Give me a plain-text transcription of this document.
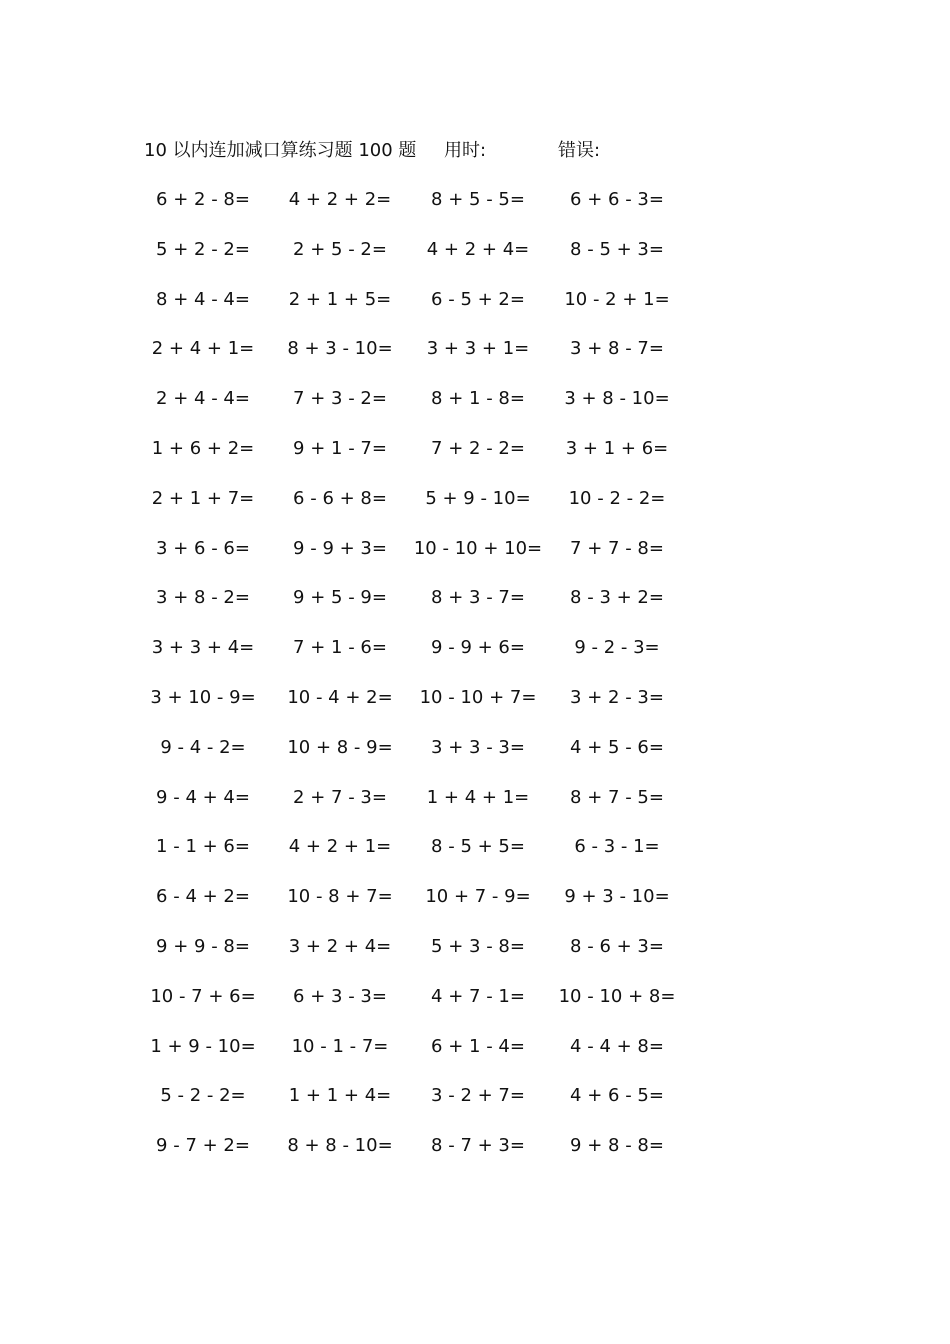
10 以内连加减口算练习题 100 题 用时:	错误:
6 + 2 - 8=	4 + 2 + 2=	8 + 5 - 5=	6 + 6 - 3=
5 + 2 - 2=	2 + 5 - 2=	4 + 2 + 4=	8 - 5 + 3=
8 + 4 - 4=	2 + 1 + 5=	6 - 5 + 2=	10 - 2 + 1=
2 + 4 + 1=	8 + 3 - 10=	3 + 3 + 1=	3 + 8 - 7=
2 + 4 - 4=	7 + 3 - 2=	8 + 1 - 8=	3 + 8 - 10=
1 + 6 + 2=	9 + 1 - 7=	7 + 2 - 2=	3 + 1 + 6=
2 + 1 + 7=	6 - 6 + 8=	5 + 9 - 10=	10 - 2 - 2=
3 + 6 - 6=	9 - 9 + 3=	10 - 10 + 10=	7 + 7 - 8=
3 + 8 - 2=	9 + 5 - 9=	8 + 3 - 7=	8 - 3 + 2=
3 + 3 + 4=	7 + 1 - 6=	9 - 9 + 6=	9 - 2 - 3=
3 + 10 - 9=	10 - 4 + 2=	10 - 10 + 7=	3 + 2 - 3=
9 - 4 - 2=	10 + 8 - 9=	3 + 3 - 3=	4 + 5 - 6=
9 - 4 + 4=	2 + 7 - 3=	1 + 4 + 1=	8 + 7 - 5=
1 - 1 + 6=	4 + 2 + 1=	8 - 5 + 5=	6 - 3 - 1=
6 - 4 + 2=	10 - 8 + 7=	10 + 7 - 9=	9 + 3 - 10=
9 + 9 - 8=	3 + 2 + 4=	5 + 3 - 8=	8 - 6 + 3=
10 - 7 + 6=	6 + 3 - 3=	4 + 7 - 1=	10 - 10 + 8=
1 + 9 - 10=	10 - 1 - 7=	6 + 1 - 4=	4 - 4 + 8=
5 - 2 - 2=	1 + 1 + 4=	3 - 2 + 7=	4 + 6 - 5=
9 - 7 + 2=	8 + 8 - 10=	8 - 7 + 3=	9 + 8 - 8=
